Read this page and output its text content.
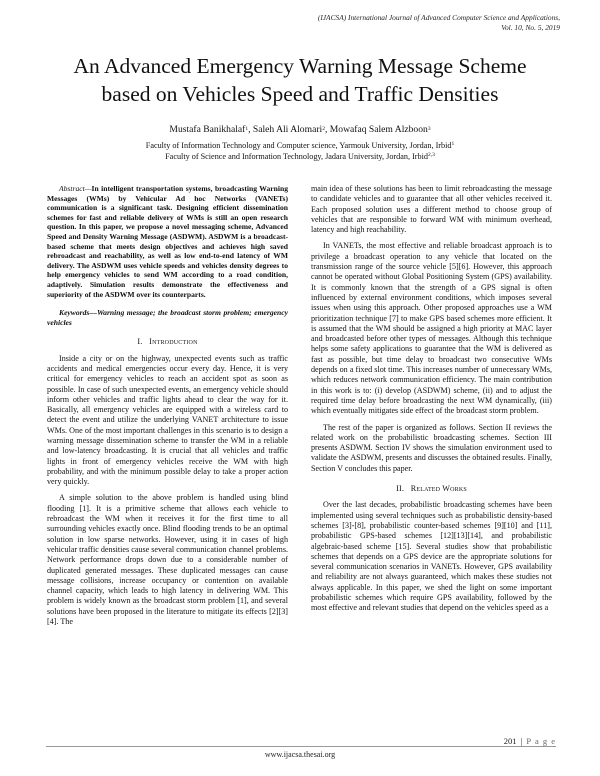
(IJACSA) International Journal of Advanced Computer Science and Applications,
Vol. 10, No. 5, 2019
An Advanced Emergency Warning Message Scheme
based on Vehicles Speed and Traffic Densities
Mustafa Banikhalaf$^1$, Saleh Ali Alomari$^2$, Mowafaq Salem Alzboon$^3$
Faculty of Information Technology and Computer science, Yarmouk University, Jordan, Irbid$^1$
Faculty of Science and Information Technology, Jadara University, Jordan, Irbid$^{2,3}$

Abstract—In intelligent transportation systems, broadcasting Warning Messages (WMs) by Vehicular Ad hoc Networks (VANETs) communication is a significant task. Designing efficient dissemination schemes for fast and reliable delivery of WMs is still an open research question. In this paper, we propose a novel messaging scheme, Advanced Speed and Density Warning Message (ASDWM). ASDWM is a broadcast-based scheme that meets design objectives and achieves high saved rebroadcast and reachability, as well as low end-to-end latency of WM delivery. The ASDWM uses vehicle speeds and vehicles density degrees to help emergency vehicles to send WM according to a road condition, adaptively. Simulation results demonstrate the effectiveness and superiority of the ASDWM over its counterparts.

Keywords—Warning message; the broadcast storm problem; emergency vehicles

I. Introduction

Inside a city or on the highway, unexpected events such as traffic accidents and medical emergencies occur every day. Hence, it is very critical for emergency vehicles to reach an accident spot as soon as possible. In case of such unexpected events, an emergency vehicle should inform other vehicles and traffic lights ahead to clear the way for it. Basically, all emergency vehicles are equipped with a wireless card to detect the event and utilize the underlying VANET architecture to issue WMs. One of the most important challenges in this scenario is to design a warning message dissemination scheme to transfer the WM in a reliable and low-latency broadcasting. It is crucial that all vehicles and traffic lights in front of emergency vehicles receive the WM with high probability, and with the minimum possible delay to take a proper action very quickly.

A simple solution to the above problem is handled using blind flooding [1]. It is a primitive scheme that allows each vehicle to rebroadcast the WM when it receives it for the first time to all surrounding vehicles exactly once. Blind flooding trends to be an optimal solution in low sparse networks. However, using it in cases of high vehicular traffic densities cause several communication channel problems. Network performance drops down due to a considerable number of duplicated generated messages. These duplicated messages can cause message collisions, increase occupancy or contention on available channel capacity, which leads to high latency in delivering WM. This problem is widely known as the broadcast storm problem [1], and several solutions have been proposed in the literature to mitigate its effects [2][3][4]. The

main idea of these solutions has been to limit rebroadcasting the message to candidate vehicles and to guarantee that all other vehicles received it. Each proposed solution uses a different method to choose group of vehicles that are responsible to forward WM with minimum overhead, latency and high reachability.

In VANETs, the most effective and reliable broadcast approach is to privilege a broadcast operation to any vehicle that located on the transmission range of the source vehicle [5][6]. However, this approach cannot be operated without Global Positioning System (GPS) availability. It is commonly known that the strength of a GPS signal is often influenced by external environment conditions, which imposes several issues when using this approach. Other proposed approaches use a WM prioritization technique [7] to make GPS based schemes more efficient. It is assumed that the WM should be assigned a high priority at MAC layer and broadcasted before other types of messages. Although this technique helps some safety applications to guarantee that the WM is delivered as fast as possible, but time delay to broadcast two consecutive WMs depends on a fixed slot time. This increases number of unnecessary WMs, which reduces network communication efficiency. The main contribution in this work is to: (i) develop (ASDWM) scheme, (ii) and to adjust the required time delay before broadcasting the next WM dynamically, (iii) which eventually mitigates side effect of the broadcast storm problem.

The rest of the paper is organized as follows. Section II reviews the related work on the probabilistic broadcasting schemes. Section III presents ASDWM. Section IV shows the simulation environment used to validate the ASDWM, presents and discusses the obtained results. Finally, Section V concludes this paper.

II. Related Works

Over the last decades, probabilistic broadcasting schemes have been implemented using several techniques such as probabilistic density-based schemes [3]-[8], probabilistic counter-based schemes [9][10] and [11], probabilistic GPS-based schemes [12][13][14], and probabilistic algebraic-based scheme [15]. Several studies show that probabilistic schemes that depends on a GPS device are the appropriate solutions for several communication scenarios in VANETs. However, GPS availability and reliability are not always guaranteed, which makes these studies not always applicable. In this paper, we shed the light on some important probabilistic schemes which require GPS availability, followed by the most effective and relevant studies that depend on the vehicles speed as a

201 | P a g e
www.ijacsa.thesai.org
